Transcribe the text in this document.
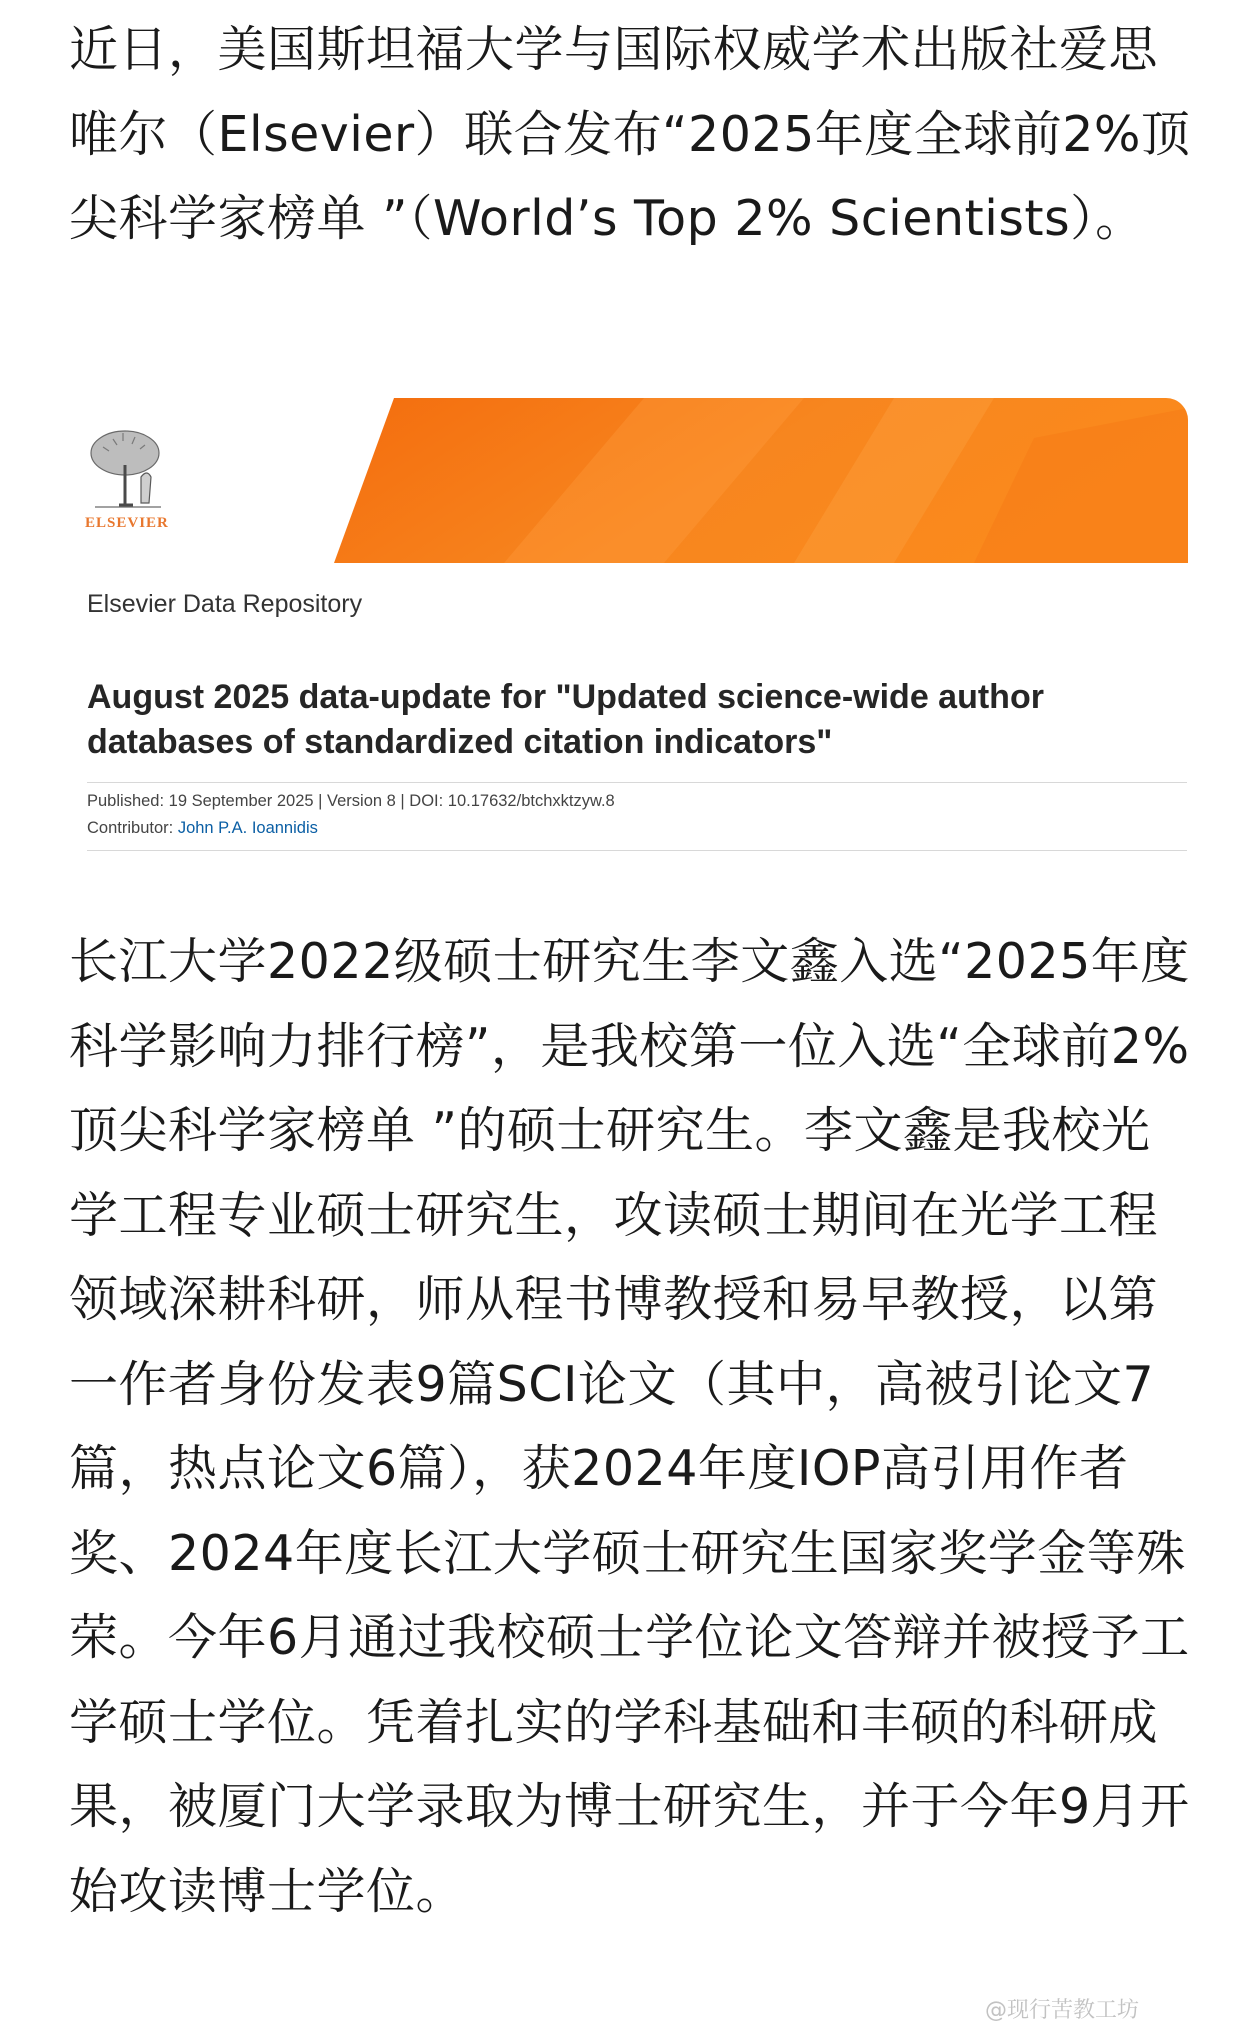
近日，美国斯坦福大学与国际权威学术出版社爱思唯尔（Elsevier）联合发布“2025年度全球前2%顶尖科学家榜单 ”（World’s Top 2% Scientists）。

ELSEVIER
Elsevier Data Repository

August 2025 data-update for "Updated science-wide author databases of standardized citation indicators"

Published: 19 September 2025 | Version 8 | DOI: 10.17632/btchxktzyw.8
Contributor: John P.A. Ioannidis

长江大学2022级硕士研究生李文鑫入选“2025年度科学影响力排行榜”，是我校第一位入选“全球前2%顶尖科学家榜单 ”的硕士研究生。李文鑫是我校光学工程专业硕士研究生，攻读硕士期间在光学工程领域深耕科研，师从程书博教授和易早教授，以第一作者身份发表9篇SCI论文（其中，高被引论文7篇，热点论文6篇），获2024年度IOP高引用作者奖、2024年度长江大学硕士研究生国家奖学金等殊荣。今年6月通过我校硕士学位论文答辩并被授予工学硕士学位。凭着扎实的学科基础和丰硕的科研成果，被厦门大学录取为博士研究生，并于今年9月开始攻读博士学位。

@现行苦教工坊
